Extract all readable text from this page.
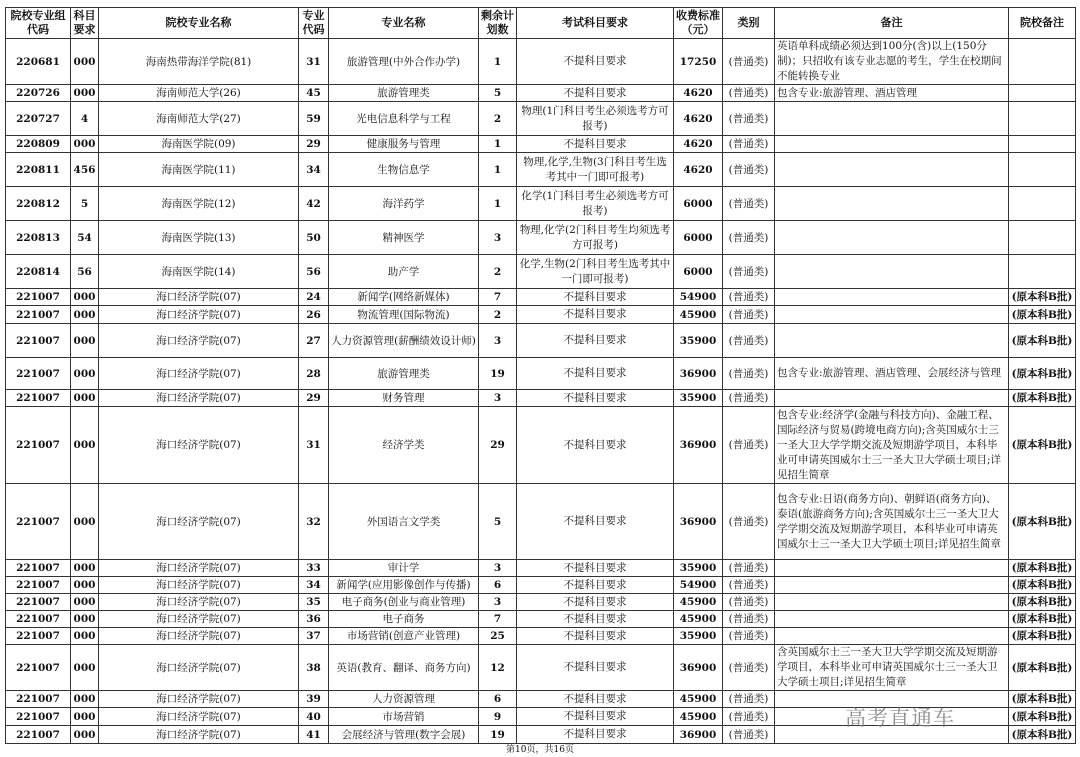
院校专业组代码	科目要求	院校专业名称	专业代码	专业名称	剩余计划数	考试科目要求	收费标准（元）	类别	备注	院校备注
220681	000	海南热带海洋学院(81)	31	旅游管理(中外合作办学)	1	不提科目要求	17250	(普通类)	英语单科成绩必须达到100分(含)以上(150分制)；只招收有该专业志愿的考生，学生在校期间不能转换专业	
220726	000	海南师范大学(26)	45	旅游管理类	5	不提科目要求	4620	(普通类)	包含专业:旅游管理、酒店管理	
220727	4	海南师范大学(27)	59	光电信息科学与工程	2	物理(1门科目考生必须选考方可报考)	4620	(普通类)		
220809	000	海南医学院(09)	29	健康服务与管理	1	不提科目要求	4620	(普通类)		
220811	456	海南医学院(11)	34	生物信息学	1	物理,化学,生物(3门科目考生选考其中一门即可报考)	4620	(普通类)		
220812	5	海南医学院(12)	42	海洋药学	1	化学(1门科目考生必须选考方可报考)	6000	(普通类)		
220813	54	海南医学院(13)	50	精神医学	3	物理,化学(2门科目考生均须选考方可报考)	6000	(普通类)		
220814	56	海南医学院(14)	56	助产学	2	化学,生物(2门科目考生选考其中一门即可报考)	6000	(普通类)		
221007	000	海口经济学院(07)	24	新闻学(网络新媒体)	7	不提科目要求	54900	(普通类)		(原本科B批)
221007	000	海口经济学院(07)	26	物流管理(国际物流)	2	不提科目要求	45900	(普通类)		(原本科B批)
221007	000	海口经济学院(07)	27	人力资源管理(薪酬绩效设计师)	3	不提科目要求	35900	(普通类)		(原本科B批)
221007	000	海口经济学院(07)	28	旅游管理类	19	不提科目要求	36900	(普通类)	包含专业:旅游管理、酒店管理、会展经济与管理	(原本科B批)
221007	000	海口经济学院(07)	29	财务管理	3	不提科目要求	35900	(普通类)		(原本科B批)
221007	000	海口经济学院(07)	31	经济学类	29	不提科目要求	36900	(普通类)	包含专业:经济学(金融与科技方向)、金融工程、国际经济与贸易(跨境电商方向);含英国威尔士三一圣大卫大学学期交流及短期游学项目，本科毕业可申请英国威尔士三一圣大卫大学硕士项目;详见招生简章	(原本科B批)
221007	000	海口经济学院(07)	32	外国语言文学类	5	不提科目要求	36900	(普通类)	包含专业:日语(商务方向)、朝鲜语(商务方向)、泰语(旅游商务方向);含英国威尔士三一圣大卫大学学期交流及短期游学项目，本科毕业可申请英国威尔士三一圣大卫大学硕士项目;详见招生简章	(原本科B批)
221007	000	海口经济学院(07)	33	审计学	3	不提科目要求	35900	(普通类)		(原本科B批)
221007	000	海口经济学院(07)	34	新闻学(应用影像创作与传播)	6	不提科目要求	54900	(普通类)		(原本科B批)
221007	000	海口经济学院(07)	35	电子商务(创业与商业管理)	3	不提科目要求	45900	(普通类)		(原本科B批)
221007	000	海口经济学院(07)	36	电子商务	7	不提科目要求	45900	(普通类)		(原本科B批)
221007	000	海口经济学院(07)	37	市场营销(创意产业管理)	25	不提科目要求	35900	(普通类)		(原本科B批)
221007	000	海口经济学院(07)	38	英语(教育、翻译、商务方向)	12	不提科目要求	36900	(普通类)	含英国威尔士三一圣大卫大学学期交流及短期游学项目，本科毕业可申请英国威尔士三一圣大卫大学硕士项目;详见招生简章	(原本科B批)
221007	000	海口经济学院(07)	39	人力资源管理	6	不提科目要求	45900	(普通类)		(原本科B批)
221007	000	海口经济学院(07)	40	市场营销	9	不提科目要求	45900	(普通类)		(原本科B批)
221007	000	海口经济学院(07)	41	会展经济与管理(数字会展)	19	不提科目要求	36900	(普通类)		(原本科B批)
第10页，共16页
高考直通车
